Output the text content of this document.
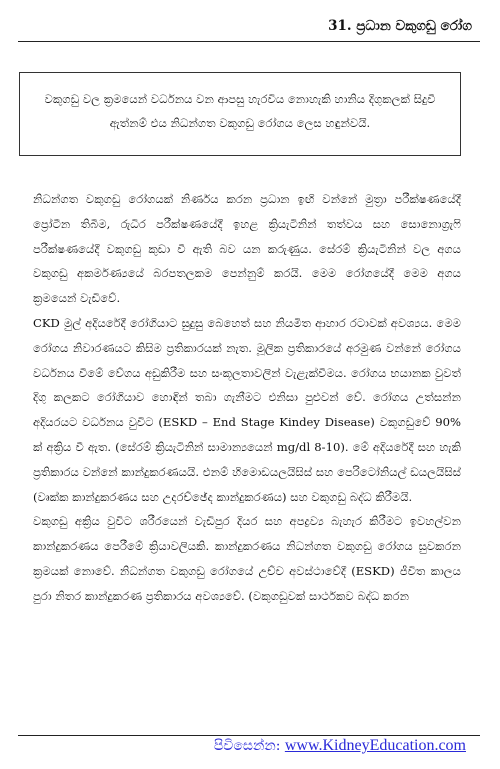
31. ප්‍රධාන වකුගඩු රෝග
වකුගඩු වල ක්‍රමයෙන් වර්ධනය වන ආපසු හැරවිය නොහැකි හානිය දිගුකලක් සිදුවී ඇත්නම් එය නිධන්ගත වකුගඩු රෝගය ලෙස හඳුන්වයි.

නිධන්ගත වකුගඩු රෝගයක් නිර්ණය කරන ප්‍රධාන ඉඟි වන්නේ මුත්‍රා පරීක්ෂණයේදී ප්‍රෝටීන තිබීම, රුධිර පරීක්ෂණයේදී ඉහළ ක්‍රියැටිනින් තත්වය සහ සොනොග්‍රැෆි පරීක්ෂණයේදී වකුගඩු කුඩා වී ඇති බව යන කරුණුය. සේරම් ක්‍රියැටිනින් වල අගය වකුගඩු අකර්මණ්‍යයේ බරපතලකම පෙන්නුම් කරයි. මෙම රෝගයේදී මෙම අගය ක්‍රමයෙන් වැඩිවේ.

CKD මුල් අදියරේදී රෝගියාට සුදුසු බෙහෙත් සහ නියමිත ආහාර රටාවක් අවශ්‍යය. මෙම රෝගය නිවාරණයට කිසිම ප්‍රතිකාරයක් නැත. මූලික ප්‍රතිකාරයේ අරමුණ වන්නේ රෝගය වර්ධනය වීමේ වේගය අඩුකිරීම සහ සංකූලතාවලින් වැළැක්වීමය. රෝගය භයානක වුවත් දිගු කලකට රෝගියාව හොඳින් තබා ගැනීමට එනිසා පුළුවන් වේ. රෝගය උත්සන්න අදියරයට වර්ධනය වුවිට (ESKD – End Stage Kindey Disease) වකුගඩුවේ 90% ක් අක්‍රිය වී ඇත. (සේරම් ක්‍රියැටිනින් සාමාන්‍යයෙන් mg/dl 8-10). මේ අදියරේදී සහ හැකි ප්‍රතිකාරය වන්නේ කාන්දුකරණයයි. එනම් හිමොඩයලයිසිස් සහ පෙරිටෝනියල් ඩයලයිසිස් (වෘක්ක කාන්දුකරණය සහ උදරච්ඡේද කාන්දුකරණය) සහ වකුගඩු බද්ධ කිරීමයි.

වකුගඩු අක්‍රිය වුවිට ශරීරයෙන් වැඩිපුර දියර සහ අපද්‍රව්‍ය බැහැර කිරීමට ඉවහල්වන කාන්දුකරණය පෙරීමේ ක්‍රියාවලියකි. කාන්දුකරණය නිධන්ගත වකුගඩු රෝගය සුවකරන ක්‍රමයක් නොවේ. නිධන්ගත වකුගඩු රෝගයේ උච්ච අවස්ථාවේදී (ESKD) ජීවිත කාලය පුරා නිතර කාන්දුකරණ ප්‍රතිකාරය අවශ්‍යවේ. (වකුගඩුවක් සාර්ථකව බද්ධ කරන

පිවිසෙන්න: www.KidneyEducation.com
